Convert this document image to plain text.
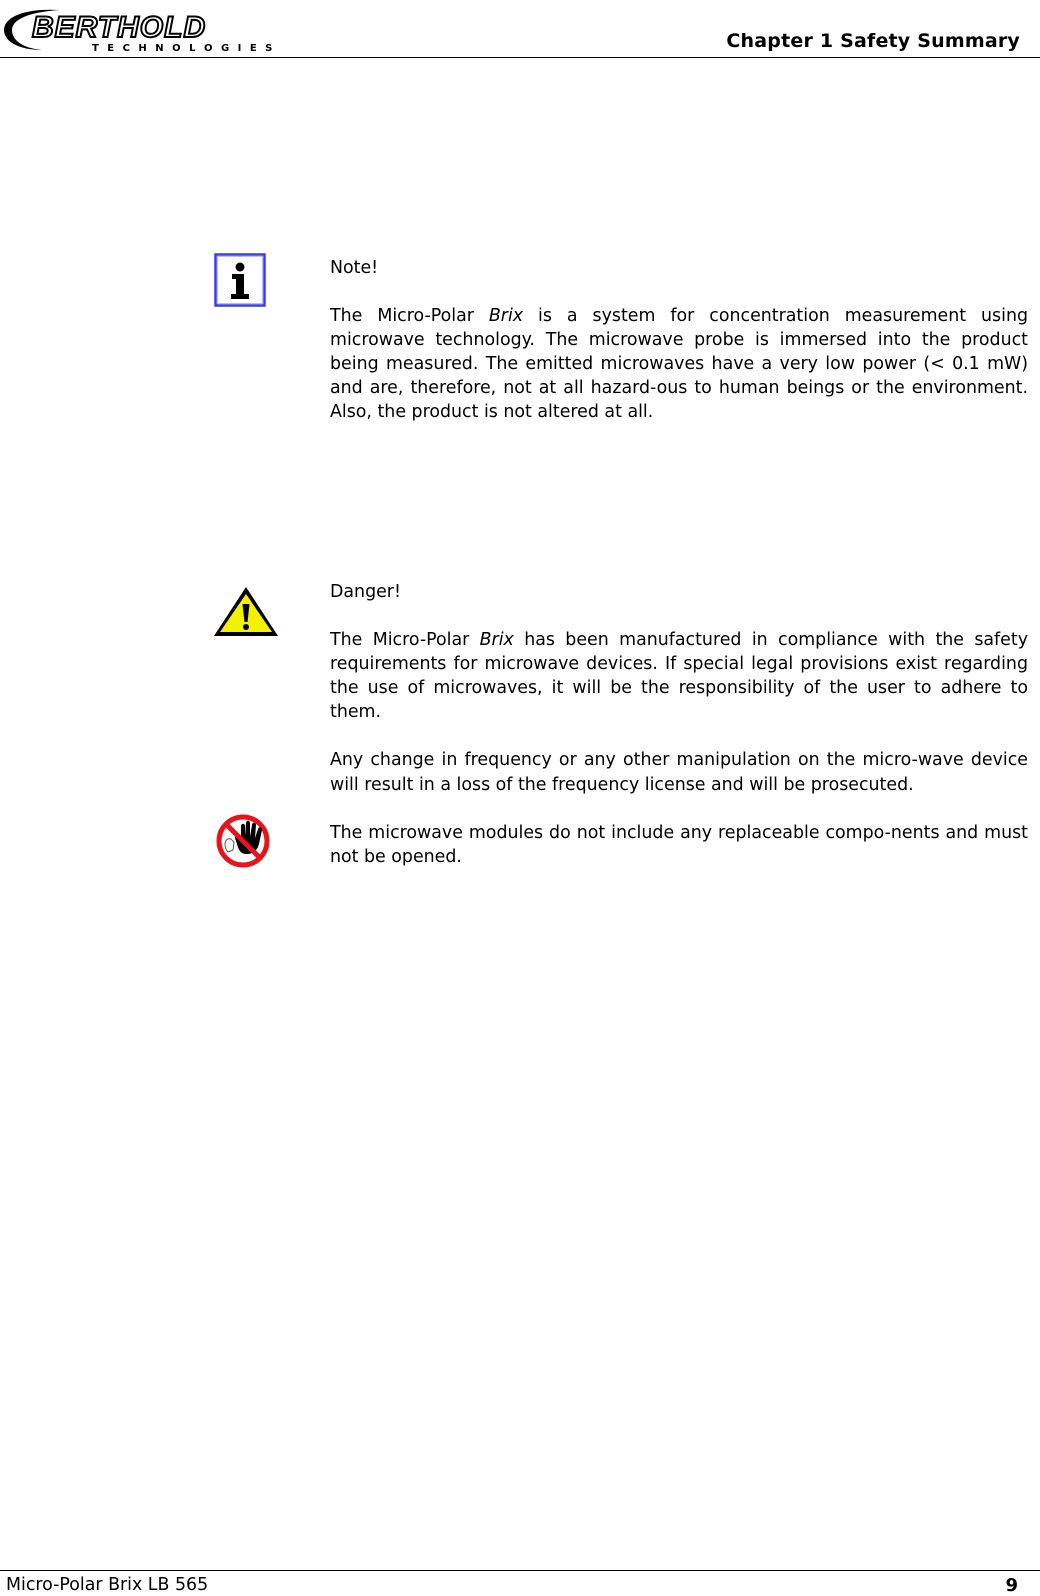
BERTHOLD
T E C H N O L O G I E S	Chapter 1 Safety Summary

Note!

The Micro-Polar Brix is a system for concentration measurement using microwave technology. The microwave probe is immersed into the product being measured. The emitted microwaves have a very low power (< 0.1 mW) and are, therefore, not at all hazard-ous to human beings or the environment. Also, the product is not altered at all.

Danger!

The Micro-Polar Brix has been manufactured in compliance with the safety requirements for microwave devices. If special legal provisions exist regarding the use of microwaves, it will be the responsibility of the user to adhere to them.

Any change in frequency or any other manipulation on the micro-wave device will result in a loss of the frequency license and will be prosecuted.

The microwave modules do not include any replaceable compo-nents and must not be opened.

Micro-Polar Brix LB 565	9
